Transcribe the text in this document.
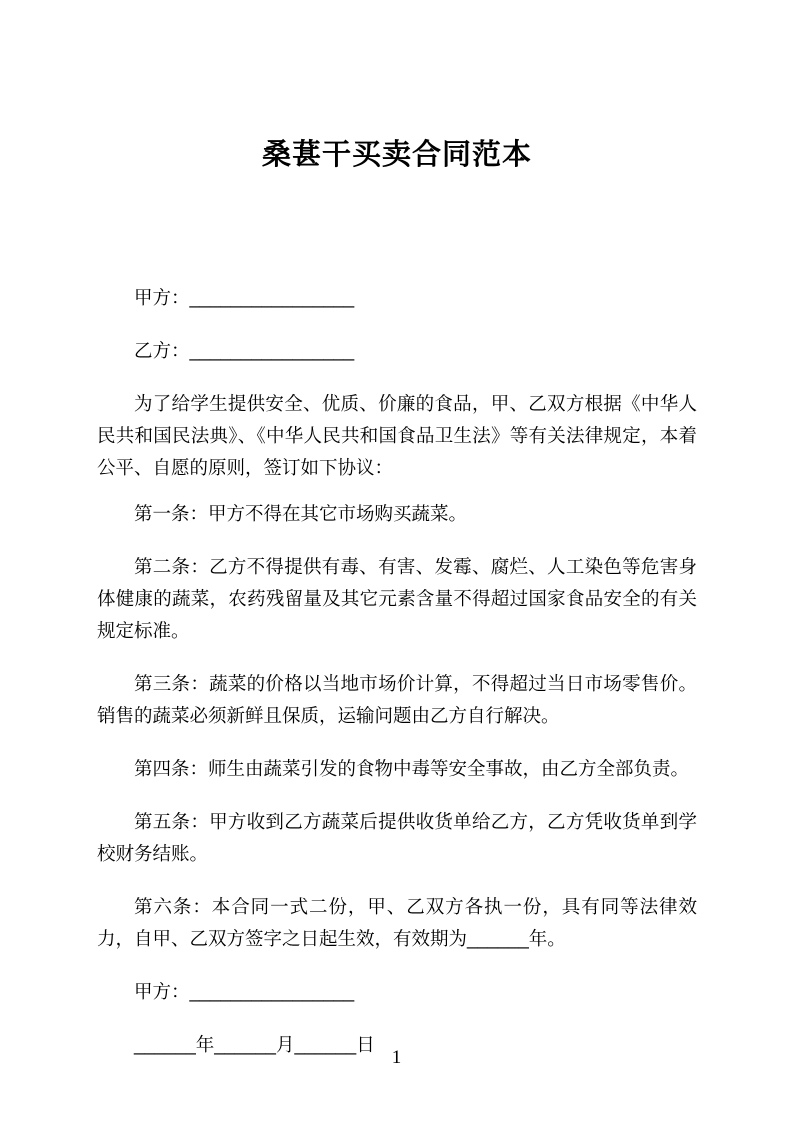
桑葚干买卖合同范本

甲方：________________

乙方：________________

为了给学生提供安全、优质、价廉的食品，甲、乙双方根据《中华人民共和国民法典》、《中华人民共和国食品卫生法》等有关法律规定，本着公平、自愿的原则，签订如下协议：

第一条：甲方不得在其它市场购买蔬菜。

第二条：乙方不得提供有毒、有害、发霉、腐烂、人工染色等危害身体健康的蔬菜，农药残留量及其它元素含量不得超过国家食品安全的有关规定标准。

第三条：蔬菜的价格以当地市场价计算，不得超过当日市场零售价。销售的蔬菜必须新鲜且保质，运输问题由乙方自行解决。

第四条：师生由蔬菜引发的食物中毒等安全事故，由乙方全部负责。

第五条：甲方收到乙方蔬菜后提供收货单给乙方，乙方凭收货单到学校财务结账。

第六条：本合同一式二份，甲、乙双方各执一份，具有同等法律效力，自甲、乙双方签字之日起生效，有效期为______年。

甲方：________________

______年______月______日

1
